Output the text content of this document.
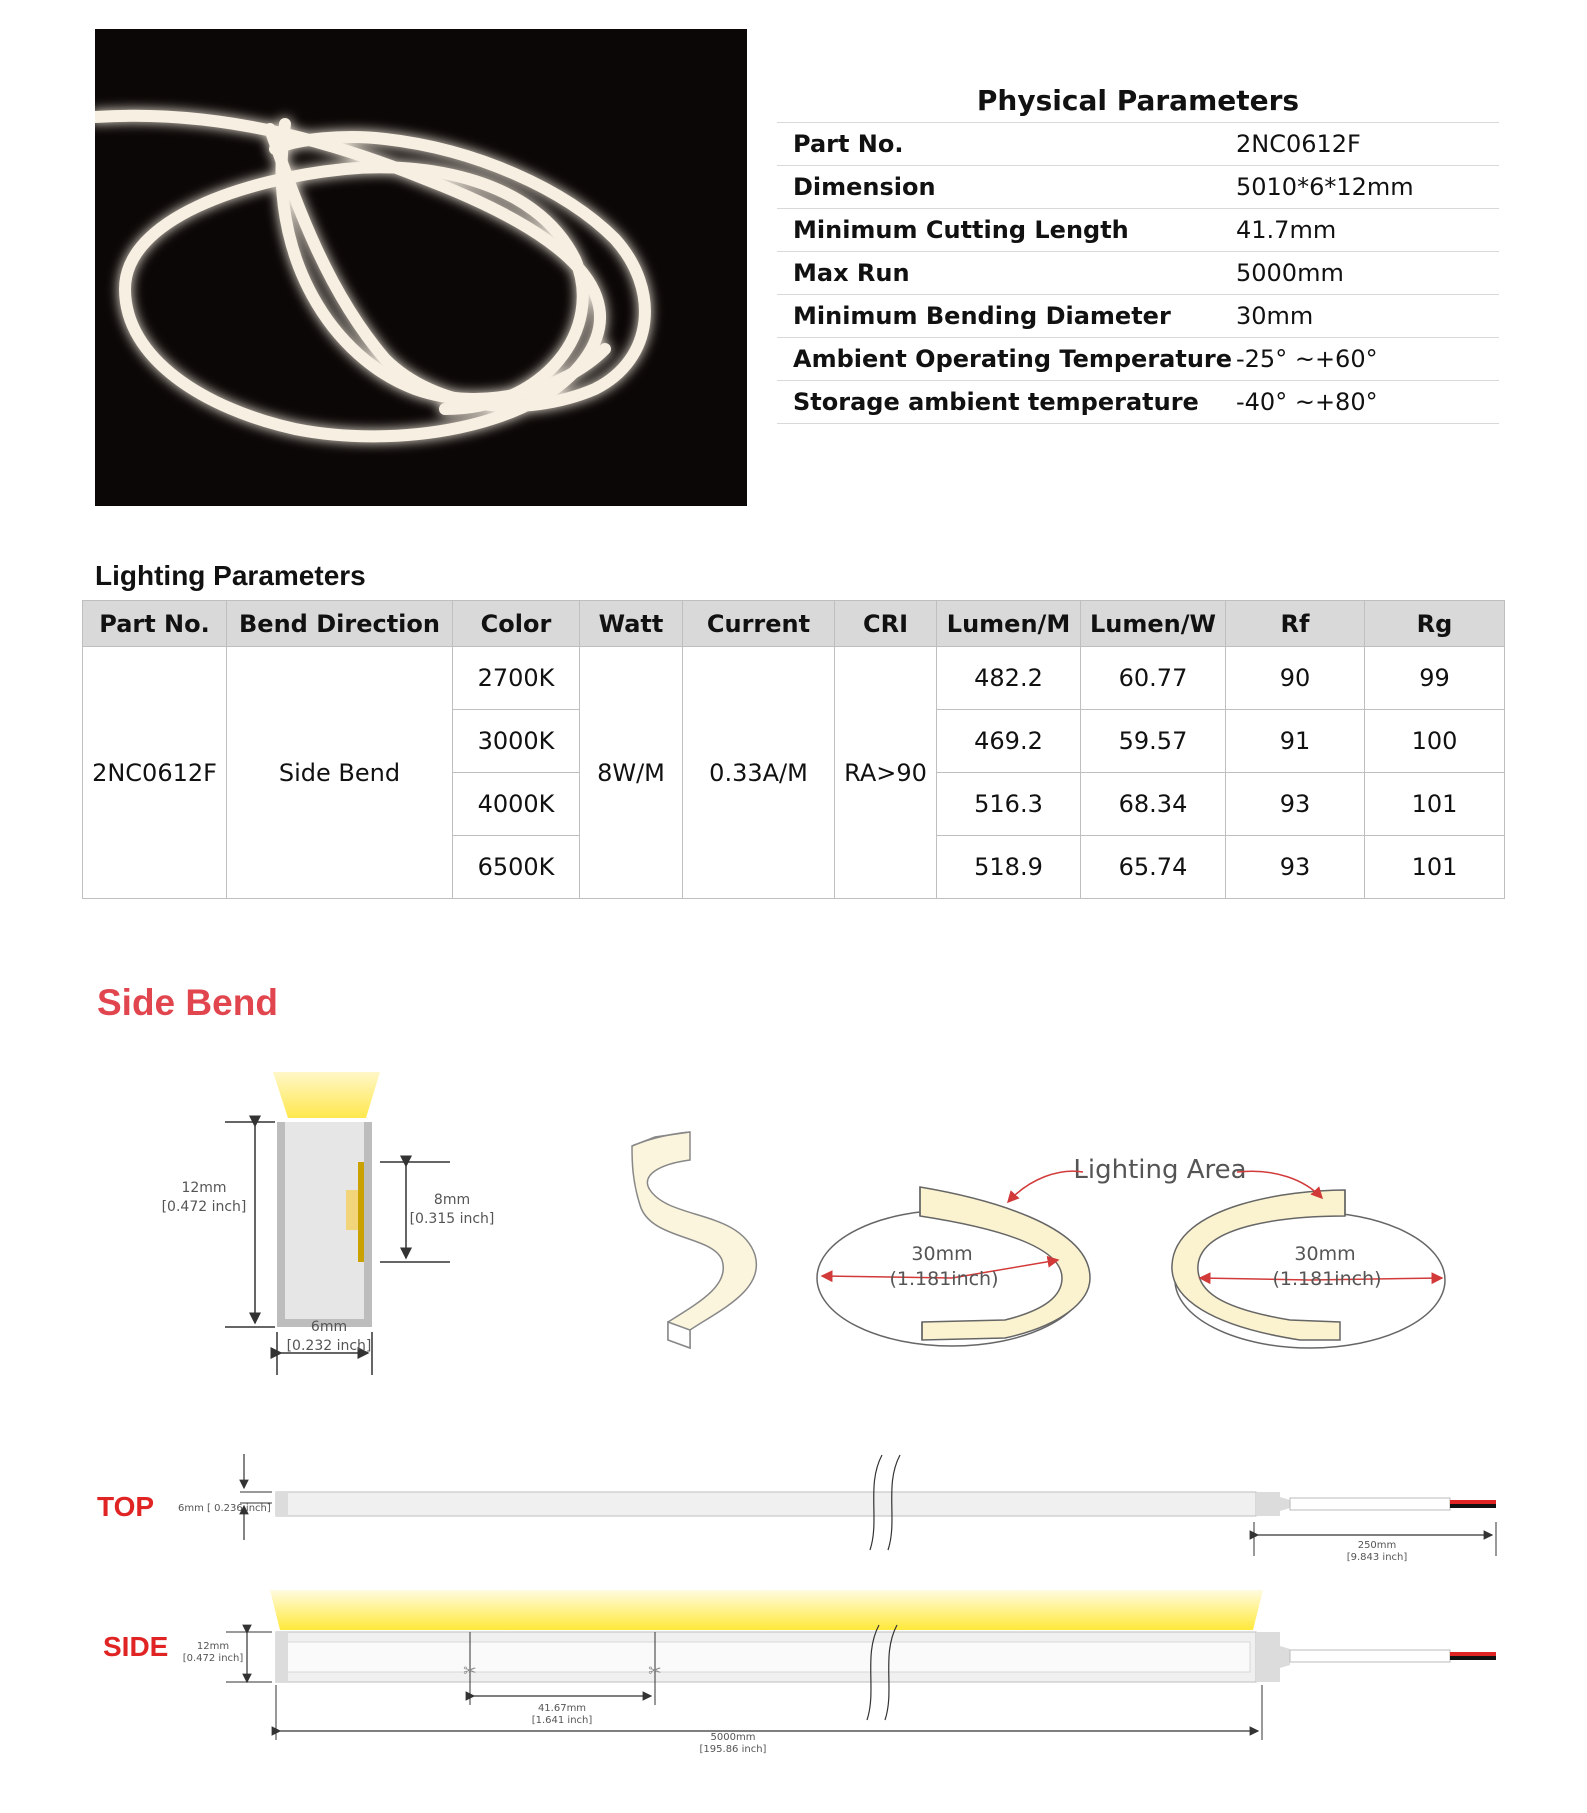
Physical Parameters
Part No.	2NC0612F
Dimension	5010*6*12mm
Minimum Cutting Length	41.7mm
Max Run	5000mm
Minimum Bending Diameter	30mm
Ambient Operating Temperature -25° ~+60°
Storage ambient temperature	-40° ~+80°
Lighting Parameters
Part No.	Bend Direction	Color	Watt	Current	CRI	Lumen/M	Lumen/W	Rf	Rg
2NC0612F	Side Bend	2700K	8W/M	0.33A/M	RA>90	482.2	60.77	90	99
		3000K				469.2	59.57	91	100
		4000K				516.3	68.34	93	101
		6500K				518.9	65.74	93	101
Side Bend
12mm
[0.472 inch]	8mm
[0.315 inch]
6mm
[0.232 inch]
30mm
(1.181inch)
30mm
(1.181inch)
Lighting Area
TOP 6mm [ 0.236 inch]
250mm
[9.843 inch]
SIDE	12mm
[0.472 inch]
✂	✂
41.67mm
[1.641 inch]
5000mm
[195.86 inch]
